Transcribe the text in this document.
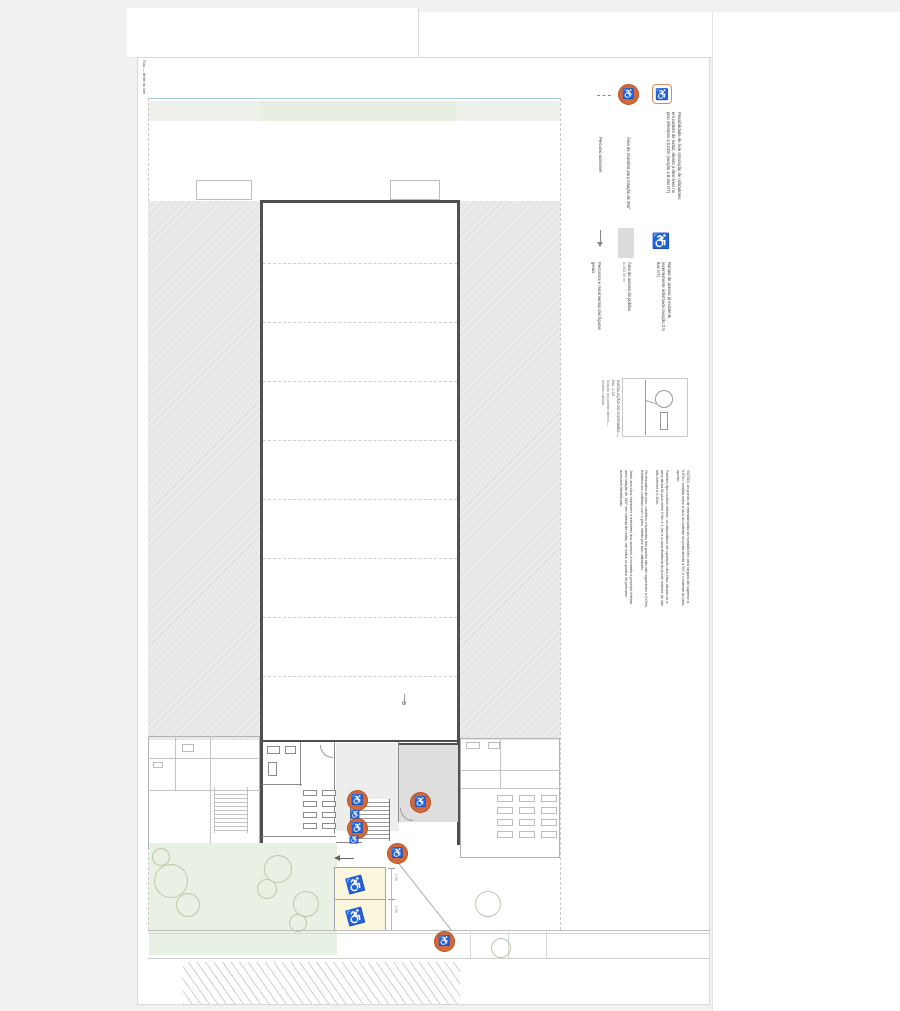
Rua — limite do lote
♿
♿
2.50
2.50
♿	♿
Percurso acessível	Área de manobra para rotação de 360°	Possibilidade de livre circulação de utilizadores em cadeira de rodas, devido a desníveis no piso inferiores a 0,02m (secção 4.8 das NT)
♿
Percursos e movimentos das figuras gerais	Área de acesso do público
A=102.00 m²	Rampa de acesso já existente, recentemente reformada (secção 2.5 das NT)
INSTALAÇÃO DO CORRIMÃO — Esc. 1:10
fixação na parede lateral — modelo tubular

NOTAS: As portas de entrada/saída da moradia têm uma largura útil superior a 0,87m, medida entre a face do batente da porta aberta a 90° e o batente do lado oposto.

Paredes tipo modelo interior: os dispositivos de operação dos vãos situam-se a uma altura do piso entre 0,9m e 1,2m e a uma distância do bordo exterior do vão não inferior a 0,30m.

Os ressaltos de piso, caixilhos e batentes das portas não são superiores a 0,02m, medidos em contínuo com o piso, sendo por isso utilizáveis.

Junto aos vãos exteriores e interiores dos acessos à moradia é possível efetuar uma rotação de 360° em cadeira de rodas, em todos os pontos do percurso acessível identificado.

♿	♿
♿
♿
♿
♿
♿
